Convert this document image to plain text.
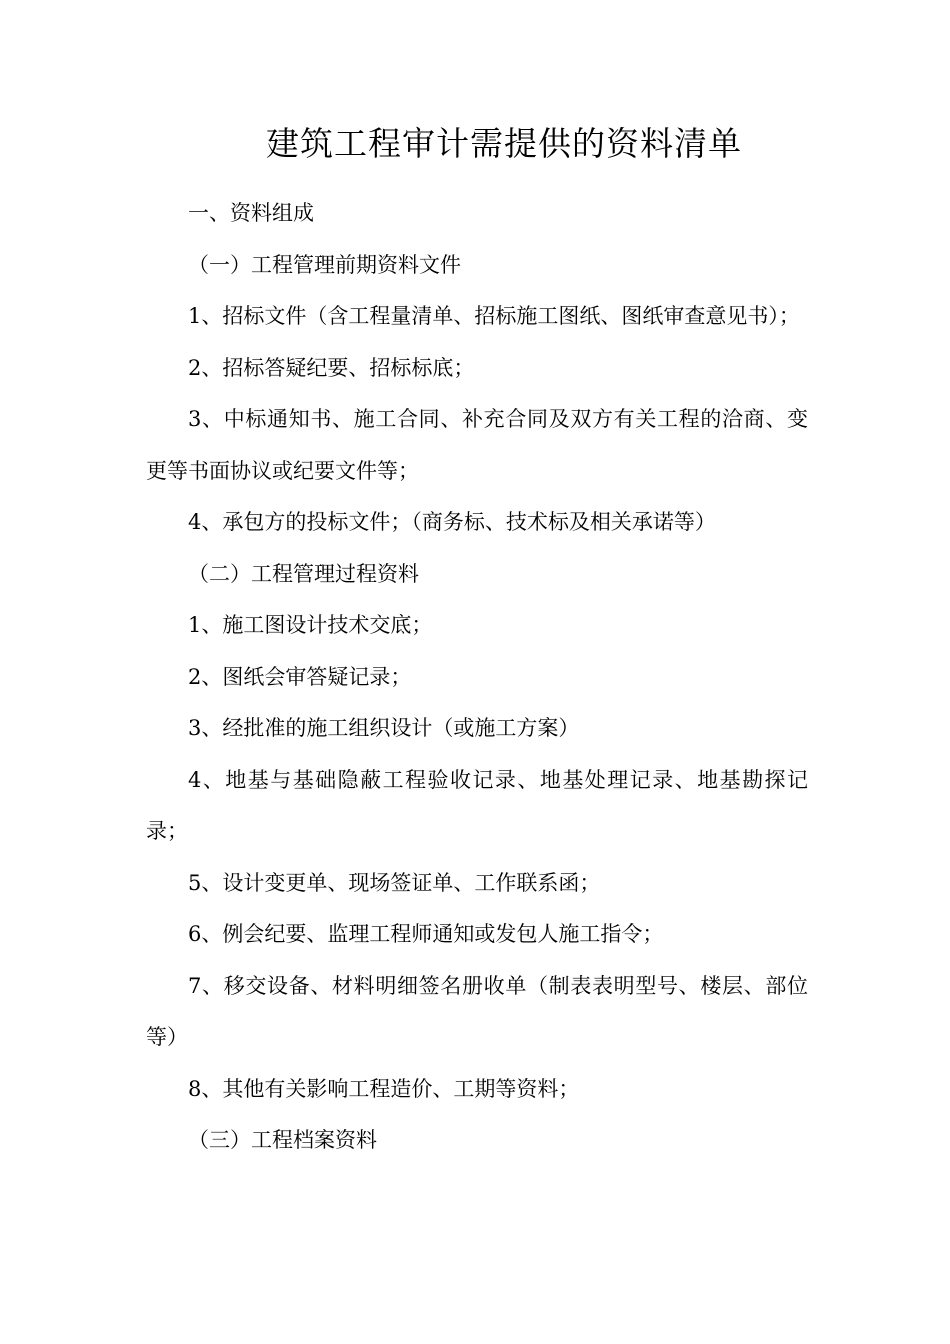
建筑工程审计需提供的资料清单

一、资料组成

（一）工程管理前期资料文件

1、招标文件（含工程量清单、招标施工图纸、图纸审查意见书）；

2、招标答疑纪要、招标标底；

3、中标通知书、施工合同、补充合同及双方有关工程的洽商、变更等书面协议或纪要文件等；

4、承包方的投标文件；（商务标、技术标及相关承诺等）

（二）工程管理过程资料

1、施工图设计技术交底；

2、图纸会审答疑记录；

3、经批准的施工组织设计（或施工方案）

4、地基与基础隐蔽工程验收记录、地基处理记录、地基勘探记录；

5、设计变更单、现场签证单、工作联系函；

6、例会纪要、监理工程师通知或发包人施工指令；

7、移交设备、材料明细签名册收单（制表表明型号、楼层、部位等）

8、其他有关影响工程造价、工期等资料；

（三）工程档案资料
